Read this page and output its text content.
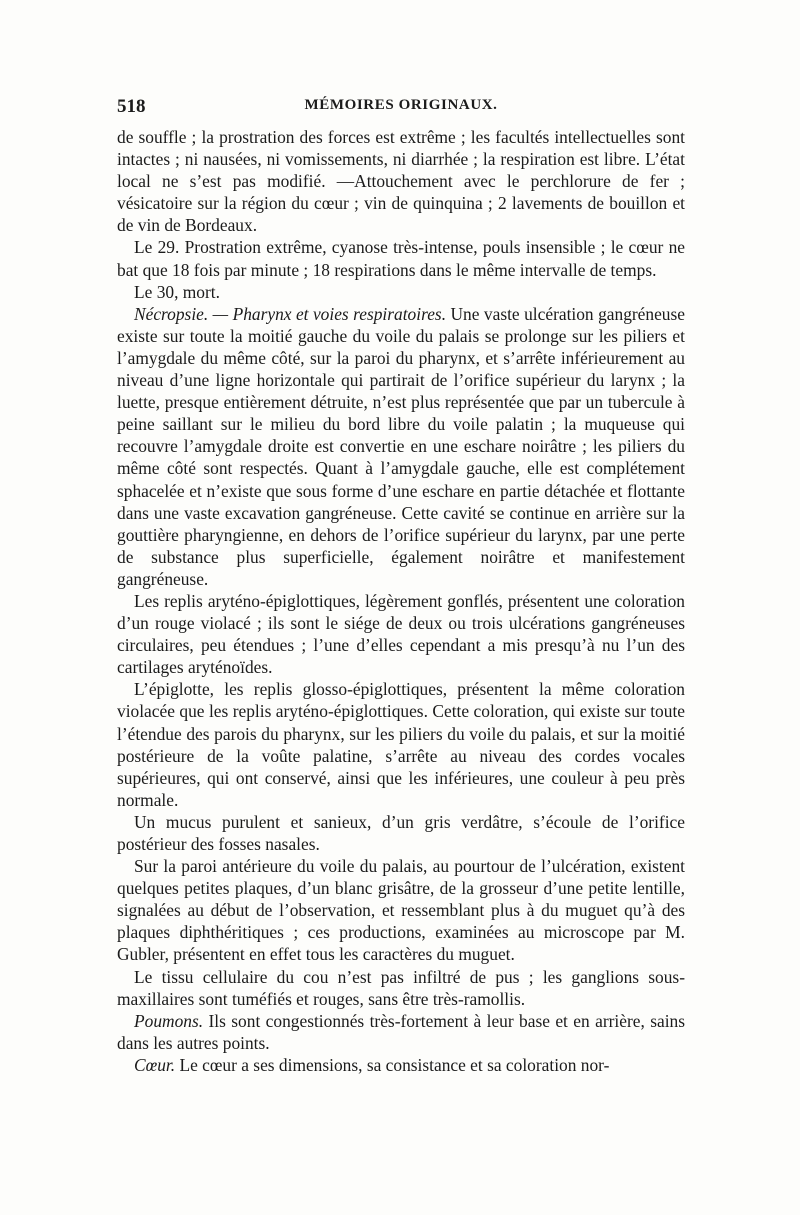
518	MÉMOIRES ORIGINAUX.

de souffle ; la prostration des forces est extrême ; les facultés intellectuelles sont intactes ; ni nausées, ni vomissements, ni diarrhée ; la respiration est libre. L’état local ne s’est pas modifié. —Attouchement avec le perchlorure de fer ; vésicatoire sur la région du cœur ; vin de quinquina ; 2 lavements de bouillon et de vin de Bordeaux.

Le 29. Prostration extrême, cyanose très-intense, pouls insensible ; le cœur ne bat que 18 fois par minute ; 18 respirations dans le même intervalle de temps.

Le 30, mort.

Nécropsie. — Pharynx et voies respiratoires. Une vaste ulcération gangréneuse existe sur toute la moitié gauche du voile du palais se prolonge sur les piliers et l’amygdale du même côté, sur la paroi du pharynx, et s’arrête inférieurement au niveau d’une ligne horizontale qui partirait de l’orifice supérieur du larynx ; la luette, presque entièrement détruite, n’est plus représentée que par un tubercule à peine saillant sur le milieu du bord libre du voile palatin ; la muqueuse qui recouvre l’amygdale droite est convertie en une eschare noirâtre ; les piliers du même côté sont respectés. Quant à l’amygdale gauche, elle est complétement sphacelée et n’existe que sous forme d’une eschare en partie détachée et flottante dans une vaste excavation gangréneuse. Cette cavité se continue en arrière sur la gouttière pharyngienne, en dehors de l’orifice supérieur du larynx, par une perte de substance plus superficielle, également noirâtre et manifestement gangréneuse.

Les replis aryténo-épiglottiques, légèrement gonflés, présentent une coloration d’un rouge violacé ; ils sont le siége de deux ou trois ulcérations gangréneuses circulaires, peu étendues ; l’une d’elles cependant a mis presqu’à nu l’un des cartilages aryténoïdes.

L’épiglotte, les replis glosso-épiglottiques, présentent la même coloration violacée que les replis aryténo-épiglottiques. Cette coloration, qui existe sur toute l’étendue des parois du pharynx, sur les piliers du voile du palais, et sur la moitié postérieure de la voûte palatine, s’arrête au niveau des cordes vocales supérieures, qui ont conservé, ainsi que les inférieures, une couleur à peu près normale.

Un mucus purulent et sanieux, d’un gris verdâtre, s’écoule de l’orifice postérieur des fosses nasales.

Sur la paroi antérieure du voile du palais, au pourtour de l’ulcération, existent quelques petites plaques, d’un blanc grisâtre, de la grosseur d’une petite lentille, signalées au début de l’observation, et ressemblant plus à du muguet qu’à des plaques diphthéritiques ; ces productions, examinées au microscope par M. Gubler, présentent en effet tous les caractères du muguet.

Le tissu cellulaire du cou n’est pas infiltré de pus ; les ganglions sous-maxillaires sont tuméfiés et rouges, sans être très-ramollis.

Poumons. Ils sont congestionnés très-fortement à leur base et en arrière, sains dans les autres points.

Cœur. Le cœur a ses dimensions, sa consistance et sa coloration nor-
